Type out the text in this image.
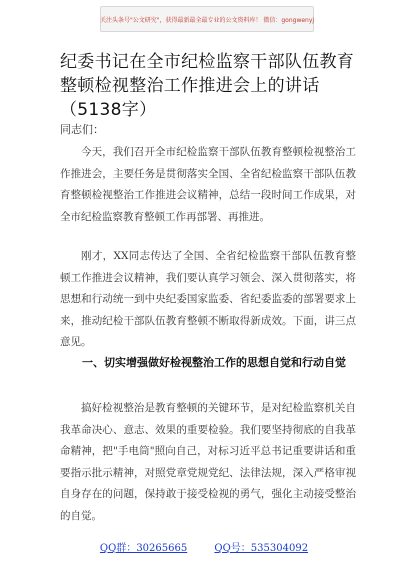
关注头条号"公文研究"，获得最新最全最专业的公文资料库！ 微信：gongwenyj
纪委书记在全市纪检监察干部队伍教育整顿检视整治工作推进会上的讲话（5138字）
同志们：

今天，我们召开全市纪检监察干部队伍教育整顿检视整治工作推进会，主要任务是贯彻落实全国、全省纪检监察干部队伍教育整顿检视整治工作推进会议精神，总结一段时间工作成果，对全市纪检监察教育整顿工作再部署、再推进。

刚才，XX同志传达了全国、全省纪检监察干部队伍教育整顿工作推进会议精神，我们要认真学习领会、深入贯彻落实，将思想和行动统一到中央纪委国家监委、省纪委监委的部署要求上来，推动纪检干部队伍教育整顿不断取得新成效。下面，讲三点意见。

一、切实增强做好检视整治工作的思想自觉和行动自觉

搞好检视整治是教育整顿的关键环节，是对纪检监察机关自我革命决心、意志、效果的重要检验。我们要坚持彻底的自我革命精神，把"手电筒"照向自己，对标习近平总书记重要讲话和重要指示批示精神，对照党章党规党纪、法律法规，深入严格审视自身存在的问题，保持敢于接受检视的勇气，强化主动接受整治的自觉。

QQ群：30265665	QQ号：535304092
